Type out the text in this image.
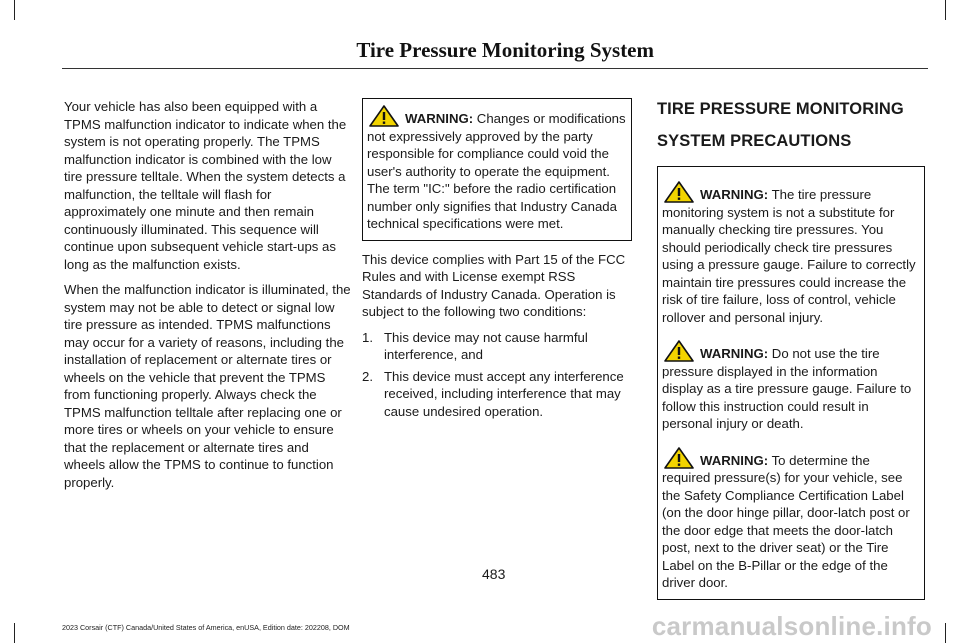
Tire Pressure Monitoring System

Your vehicle has also been equipped with a TPMS malfunction indicator to indicate when the system is not operating properly. The TPMS malfunction indicator is combined with the low tire pressure telltale. When the system detects a malfunction, the telltale will flash for approximately one minute and then remain continuously illuminated. This sequence will continue upon subsequent vehicle start-ups as long as the malfunction exists.

When the malfunction indicator is illuminated, the system may not be able to detect or signal low tire pressure as intended. TPMS malfunctions may occur for a variety of reasons, including the installation of replacement or alternate tires or wheels on the vehicle that prevent the TPMS from functioning properly. Always check the TPMS malfunction telltale after replacing one or more tires or wheels on your vehicle to ensure that the replacement or alternate tires and wheels allow the TPMS to continue to function properly.

WARNING: Changes or modifications not expressively approved by the party responsible for compliance could void the user's authority to operate the equipment. The term "IC:" before the radio certification number only signifies that Industry Canada technical specifications were met.

This device complies with Part 15 of the FCC Rules and with License exempt RSS Standards of Industry Canada. Operation is subject to the following two conditions:

1. This device may not cause harmful interference, and
2. This device must accept any interference received, including interference that may cause undesired operation.
TIRE PRESSURE MONITORING
SYSTEM PRECAUTIONS

WARNING: The tire pressure monitoring system is not a substitute for manually checking tire pressures. You should periodically check tire pressures using a pressure gauge. Failure to correctly maintain tire pressures could increase the risk of tire failure, loss of control, vehicle rollover and personal injury.

WARNING: Do not use the tire pressure displayed in the information display as a tire pressure gauge. Failure to follow this instruction could result in personal injury or death.

WARNING: To determine the required pressure(s) for your vehicle, see the Safety Compliance Certification Label (on the door hinge pillar, door-latch post or the door edge that meets the door-latch post, next to the driver seat) or the Tire Label on the B-Pillar or the edge of the driver door.

483
2023 Corsair (CTF) Canada/United States of America, enUSA, Edition date: 202208, DOM	carmanualsonline.info
